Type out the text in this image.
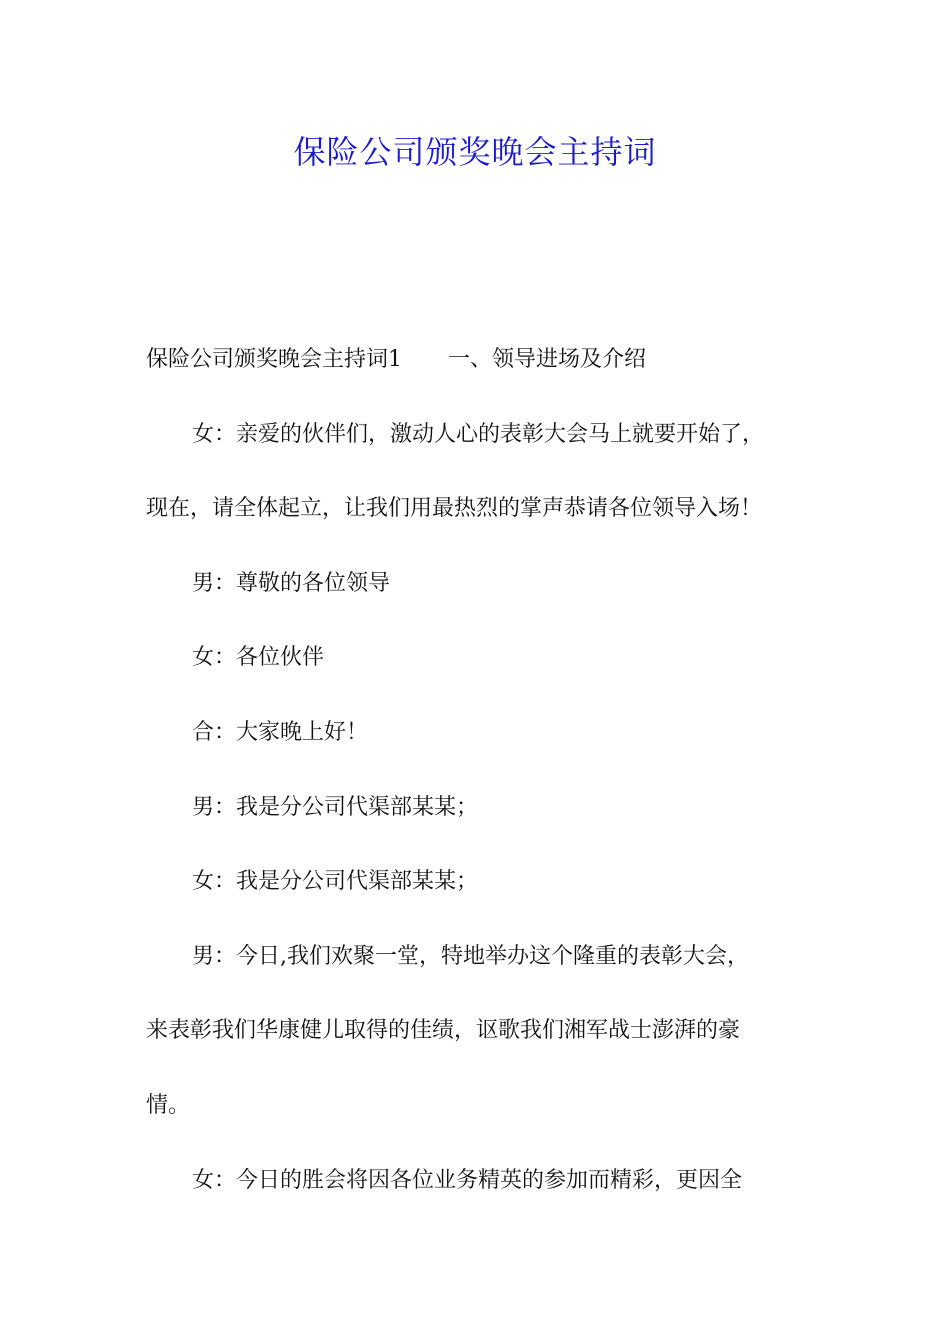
保险公司颁奖晚会主持词
保险公司颁奖晚会主持词1 一、领导进场及介绍
女：亲爱的伙伴们，激动人心的表彰大会马上就要开始了，
现在，请全体起立，让我们用最热烈的掌声恭请各位领导入场！
男：尊敬的各位领导
女：各位伙伴
合：大家晚上好！
男：我是分公司代渠部某某；
女：我是分公司代渠部某某；
男：今日,我们欢聚一堂，特地举办这个隆重的表彰大会，
来表彰我们华康健儿取得的佳绩，讴歌我们湘军战士澎湃的豪
情。
女：今日的胜会将因各位业务精英的参加而精彩，更因全
